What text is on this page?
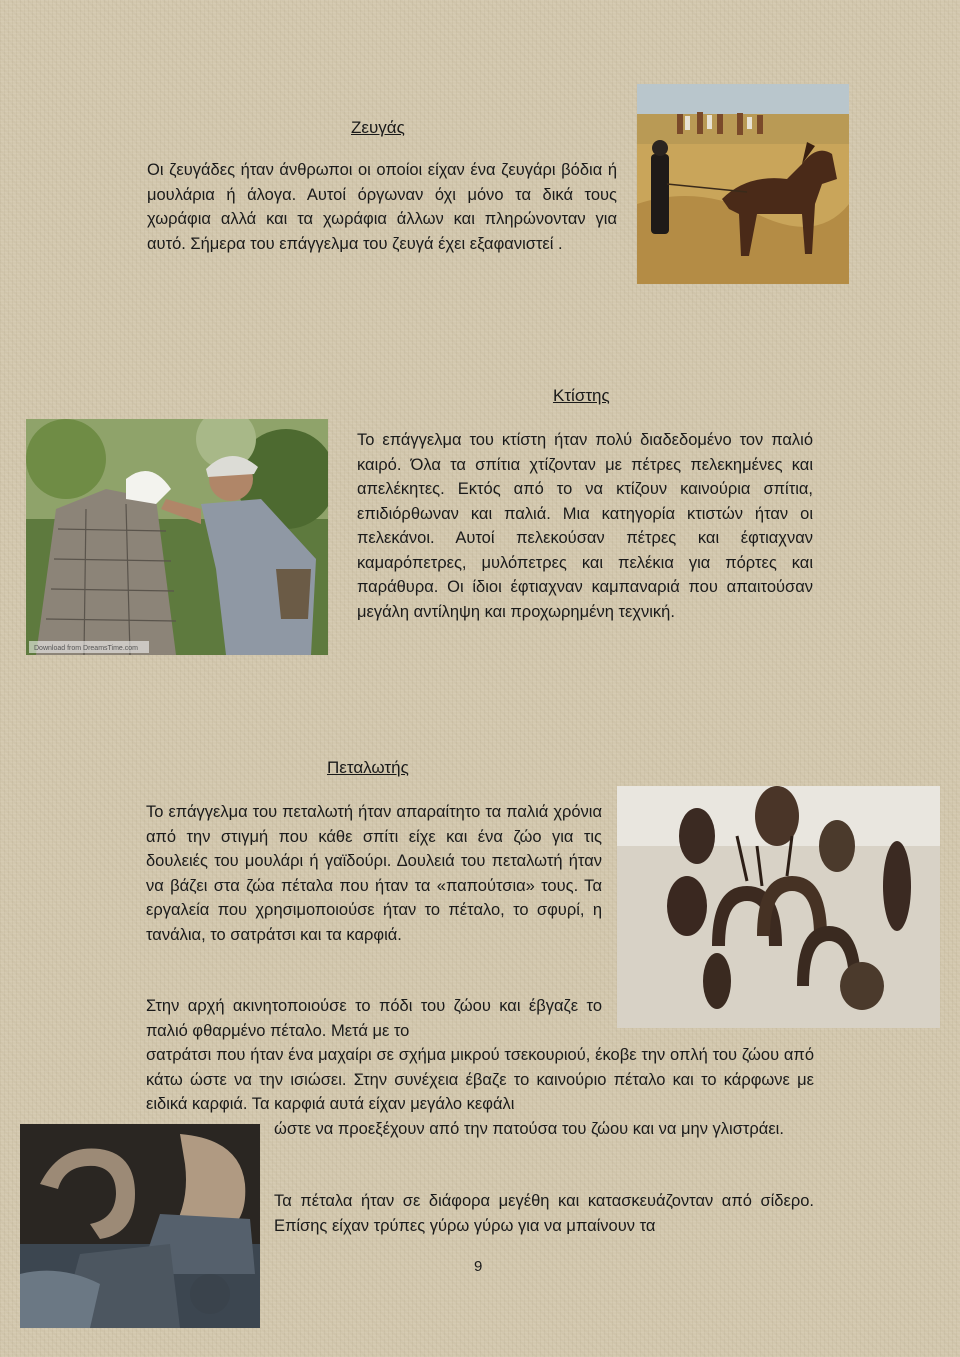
Ζευγάς

Οι ζευγάδες ήταν άνθρωποι οι οποίοι είχαν ένα ζευγάρι βόδια ή μουλάρια ή άλογα. Αυτοί όργωναν όχι μόνο τα δικά τους χωράφια αλλά και τα χωράφια άλλων και πληρώνονταν για αυτό. Σήμερα του επάγγελμα του ζευγά έχει εξαφανιστεί .

Κτίστης

Το επάγγελμα του κτίστη ήταν πολύ διαδεδομένο τον παλιό καιρό. Όλα τα σπίτια χτίζονταν με πέτρες πελεκημένες και απελέκητες. Εκτός από το να κτίζουν καινούρια σπίτια, επιδιόρθωναν και παλιά. Μια κατηγορία κτιστών ήταν οι πελεκάνοι. Αυτοί πελεκούσαν πέτρες και έφτιαχναν καμαρόπετρες, μυλόπετρες και πελέκια για πόρτες και παράθυρα. Οι ίδιοι έφτιαχναν καμπαναριά που απαιτούσαν μεγάλη αντίληψη και προχωρημένη τεχνική.

Download from DreamsTime.com
Πεταλωτής

Το επάγγελμα του πεταλωτή ήταν απαραίτητο τα παλιά χρόνια από την στιγμή που κάθε σπίτι είχε και ένα ζώο για τις δουλειές του μουλάρι ή γαϊδούρι. Δουλειά του πεταλωτή ήταν να βάζει στα ζώα πέταλα που ήταν τα «παπούτσια» τους. Τα εργαλεία που χρησιμοποιούσε ήταν το πέταλο, το σφυρί, η τανάλια, το σατράτσι και τα καρφιά.

Στην αρχή ακινητοποιούσε το πόδι του ζώου και έβγαζε το παλιό φθαρμένο πέταλο. Μετά με το

σατράτσι που ήταν ένα μαχαίρι σε σχήμα μικρού τσεκουριού, έκοβε την οπλή του ζώου από κάτω ώστε να την ισιώσει. Στην συνέχεια έβαζε το καινούριο πέταλο και το κάρφωνε με ειδικά καρφιά. Τα καρφιά αυτά είχαν μεγάλο κεφάλι

ώστε να προεξέχουν από την πατούσα του ζώου και να μην γλιστράει.

Τα πέταλα ήταν σε διάφορα μεγέθη και κατασκευάζονταν από σίδερο. Επίσης είχαν τρύπες γύρω γύρω για να μπαίνουν τα

9
